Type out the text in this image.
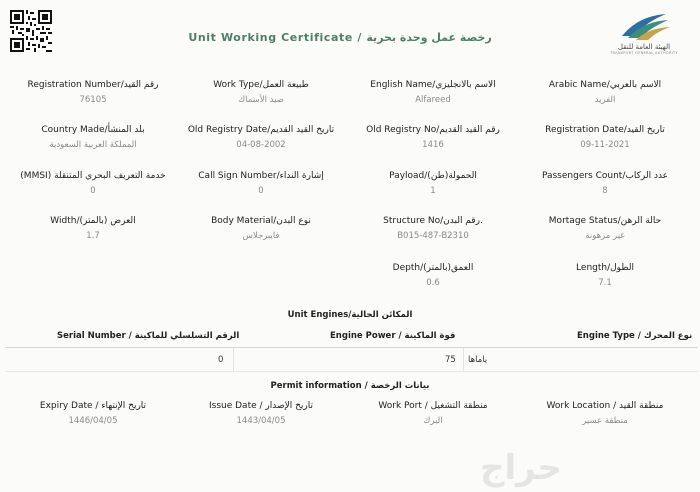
الهيئة العامة للنقل
TRANSPORT GENERAL AUTHORITY
Unit Working Certificate / رخصة عمل وحدة بحرية
Registration Number/رقم القيد
76105
Work Type/طبيعة العمل
صيد الأسماك
English Name/الاسم بالانجليزي
Alfareed
Arabic Name/الاسم بالعربي
الفريد
Country Made/بلد المنشأ
المملكة العربية السعودية
Old Registry Date/تاريخ القيد القديم
04-08-2002
Old Registry No/رقم القيد القديم
1416
Registration Date/تاريخ القيد
09-11-2021
(MMSI) خدمة التعريف البحري المتنقلة
0
Call Sign Number/إشارة النداء
0
Payload/(الحمولة(طن
1
Passengers Count/عدد الركاب
8
Width/(العرض (بالمتر
1.7
Body Material/نوع البدن
فايبرجلاس
Structure No/رقم البدن.
B015-487-B2310
Mortage Status/حالة الرهن
غير مرهونة
Depth/(العمق(بالمتر
0.6
Length/الطول
7.1
Unit Engines/المكائن الحالية
Serial Number / الرقم التسلسلي للماكينة	Engine Power / قوة الماكينة	Engine Type / نوع المحرك
0	75 ياماها
Permit information / بيانات الرخصة
Expiry Date / تاريخ الإنتهاء
1446/04/05
Issue Date / تاريخ الإصدار
1443/04/05
Work Port / منطقة التشغيل
البرك
Work Location / منطقة القيد
منطقة عسير
حراج
